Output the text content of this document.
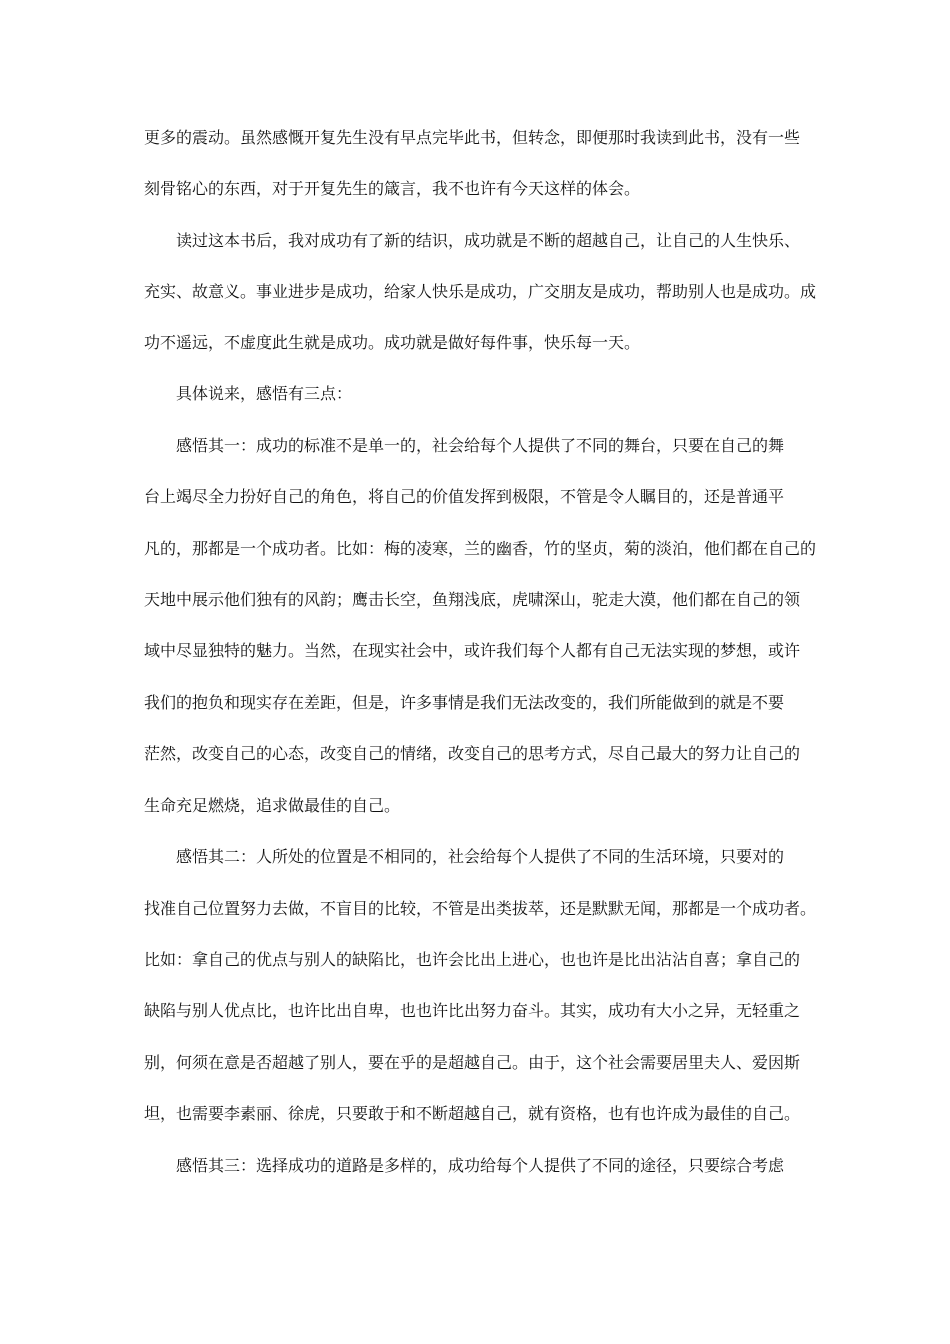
更多的震动。虽然感慨开复先生没有早点完毕此书，但转念，即便那时我读到此书，没有一些
刻骨铭心的东西，对于开复先生的箴言，我不也许有今天这样的体会。
读过这本书后，我对成功有了新的结识，成功就是不断的超越自己，让自己的人生快乐、
充实、故意义。事业进步是成功，给家人快乐是成功，广交朋友是成功，帮助别人也是成功。成
功不遥远，不虚度此生就是成功。成功就是做好每件事，快乐每一天。
具体说来，感悟有三点：
感悟其一：成功的标准不是单一的，社会给每个人提供了不同的舞台，只要在自己的舞
台上竭尽全力扮好自己的角色，将自己的价值发挥到极限，不管是令人瞩目的，还是普通平
凡的，那都是一个成功者。比如：梅的凌寒，兰的幽香，竹的坚贞，菊的淡泊，他们都在自己的
天地中展示他们独有的风韵；鹰击长空，鱼翔浅底，虎啸深山，驼走大漠，他们都在自己的领
域中尽显独特的魅力。当然，在现实社会中，或许我们每个人都有自己无法实现的梦想，或许
我们的抱负和现实存在差距，但是，许多事情是我们无法改变的，我们所能做到的就是不要
茫然，改变自己的心态，改变自己的情绪，改变自己的思考方式，尽自己最大的努力让自己的
生命充足燃烧，追求做最佳的自己。
感悟其二：人所处的位置是不相同的，社会给每个人提供了不同的生活环境，只要对的
找准自己位置努力去做，不盲目的比较，不管是出类拔萃，还是默默无闻，那都是一个成功者。
比如：拿自己的优点与别人的缺陷比，也许会比出上进心，也也许是比出沾沾自喜；拿自己的
缺陷与别人优点比，也许比出自卑，也也许比出努力奋斗。其实，成功有大小之异，无轻重之
别，何须在意是否超越了别人，要在乎的是超越自己。由于，这个社会需要居里夫人、爱因斯
坦，也需要李素丽、徐虎，只要敢于和不断超越自己，就有资格，也有也许成为最佳的自己。
感悟其三：选择成功的道路是多样的，成功给每个人提供了不同的途径，只要综合考虑
